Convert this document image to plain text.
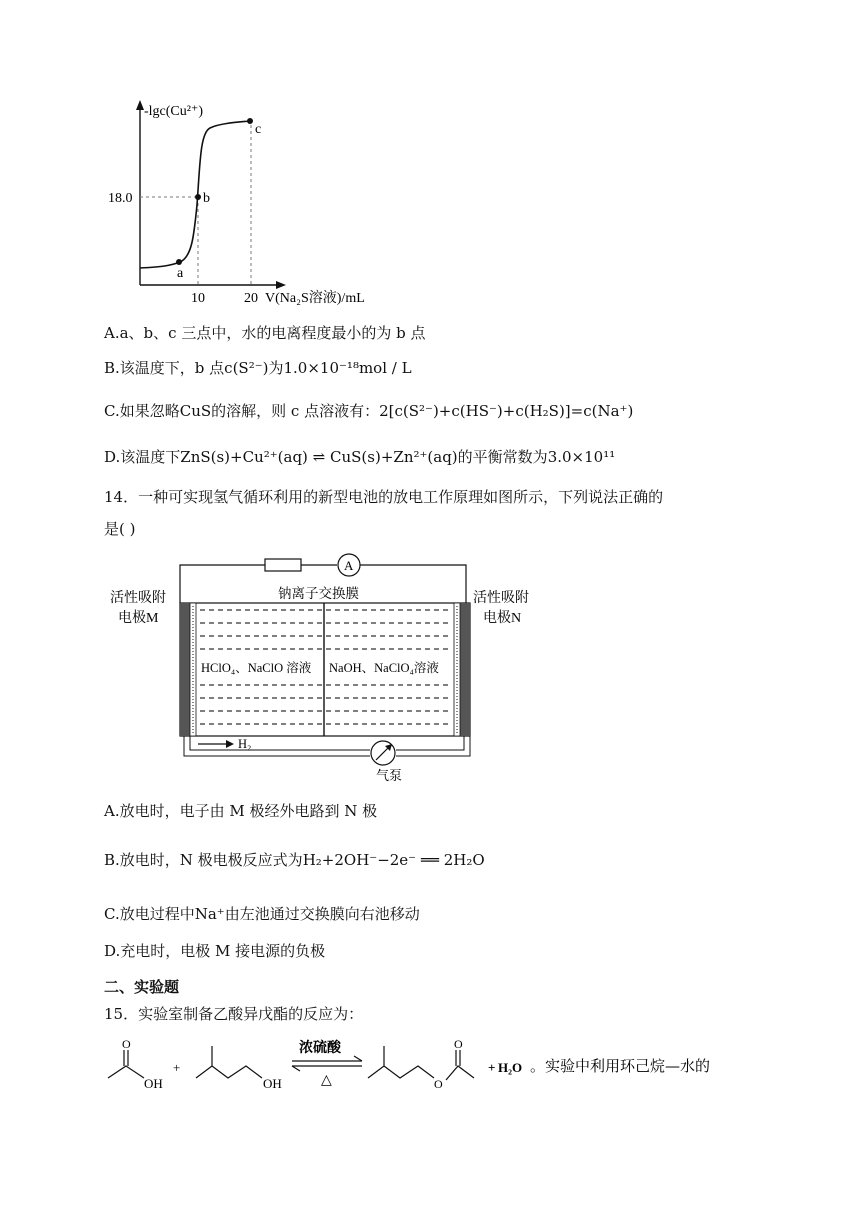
-lgc(Cu²⁺)
18.0
10	20 V(Na₂S溶液)/mL
a
b
c
A.a、b、c 三点中，水的电离程度最小的为 b 点
B.该温度下，b 点c(S²⁻)为1.0×10⁻¹⁸mol / L
C.如果忽略CuS的溶解，则 c 点溶液有：2[c(S²⁻)+c(HS⁻)+c(H₂S)]=c(Na⁺)
D.该温度下ZnS(s)+Cu²⁺(aq) ⇌ CuS(s)+Zn²⁺(aq)的平衡常数为3.0×10¹¹
14．一种可实现氢气循环利用的新型电池的放电工作原理如图所示，下列说法正确的
是( )
A
钠离子交换膜
HClO₄、NaClO 溶液 NaOH、NaClO₄溶液
活性吸附
电极M
活性吸附
电极N
H₂
气泵
A.放电时，电子由 M 极经外电路到 N 极
B.放电时，N 极电极反应式为H₂+2OH⁻−2e⁻ ══ 2H₂O
C.放电过程中Na⁺由左池通过交换膜向右池移动
D.充电时，电极 M 接电源的负极
二、实验题
15．实验室制备乙酸异戊酯的反应为：
O
OH
+
OH
浓硫酸
△	O
O
+ H₂O 。实验中利用环己烷—水的
